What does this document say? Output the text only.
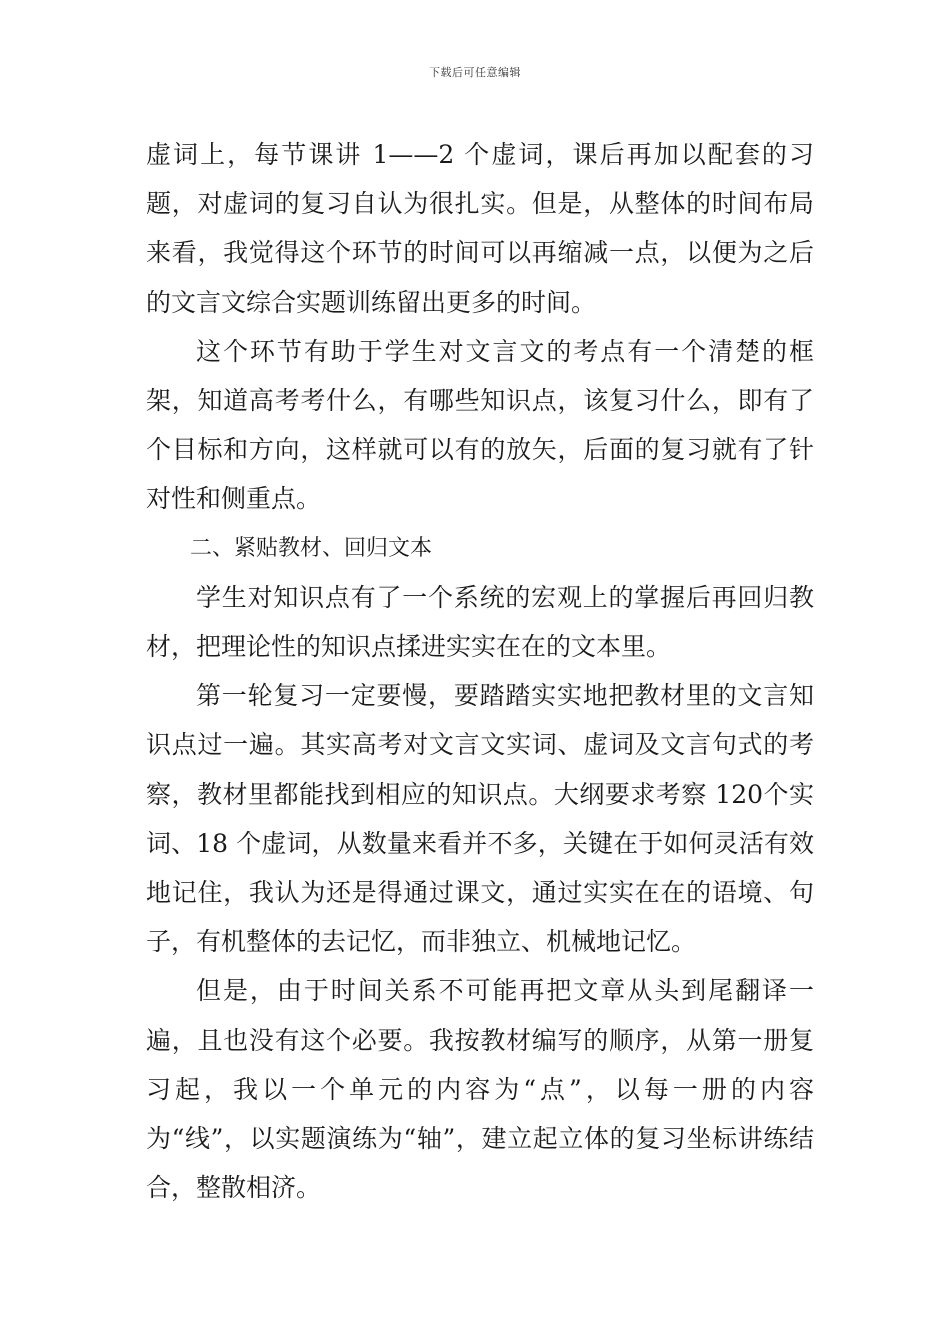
下载后可任意编辑

虚词上，每节课讲 1——2 个虚词，课后再加以配套的习题，对虚词的复习自认为很扎实。但是，从整体的时间布局来看，我觉得这个环节的时间可以再缩减一点，以便为之后的文言文综合实题训练留出更多的时间。

这个环节有助于学生对文言文的考点有一个清楚的框架，知道高考考什么，有哪些知识点，该复习什么，即有了个目标和方向，这样就可以有的放矢，后面的复习就有了针对性和侧重点。

二、紧贴教材、回归文本

学生对知识点有了一个系统的宏观上的掌握后再回归教材，把理论性的知识点揉进实实在在的文本里。

第一轮复习一定要慢，要踏踏实实地把教材里的文言知识点过一遍。其实高考对文言文实词、虚词及文言句式的考察，教材里都能找到相应的知识点。大纲要求考察 120个实词、18 个虚词，从数量来看并不多，关键在于如何灵活有效地记住，我认为还是得通过课文，通过实实在在的语境、句子，有机整体的去记忆，而非独立、机械地记忆。

但是，由于时间关系不可能再把文章从头到尾翻译一遍，且也没有这个必要。我按教材编写的顺序，从第一册复习起，我以一个单元的内容为“点”，以每一册的内容为“线”，以实题演练为“轴”，建立起立体的复习坐标讲练结合，整散相济。
